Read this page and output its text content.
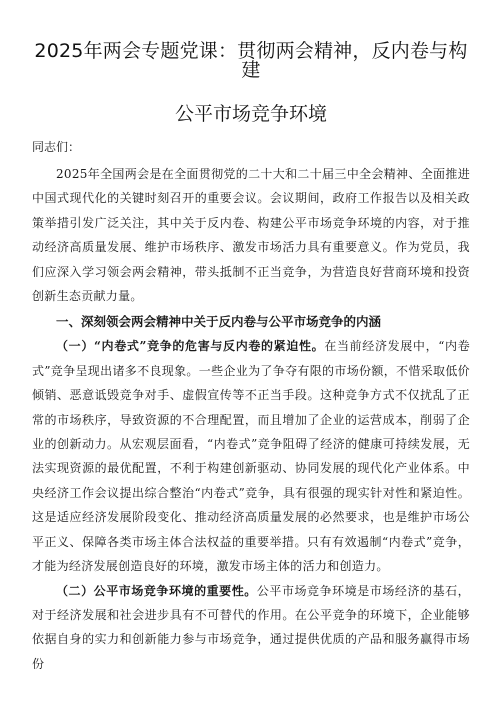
2025年两会专题党课：贯彻两会精神，反内卷与构建
公平市场竞争环境
同志们：

2025年全国两会是在全面贯彻党的二十大和二十届三中全会精神、全面推进中国式现代化的关键时刻召开的重要会议。会议期间，政府工作报告以及相关政策举措引发广泛关注，其中关于反内卷、构建公平市场竞争环境的内容，对于推动经济高质量发展、维护市场秩序、激发市场活力具有重要意义。作为党员，我们应深入学习领会两会精神，带头抵制不正当竞争，为营造良好营商环境和投资创新生态贡献力量。

一、深刻领会两会精神中关于反内卷与公平市场竞争的内涵

（一）“内卷式”竞争的危害与反内卷的紧迫性。在当前经济发展中，“内卷式”竞争呈现出诸多不良现象。一些企业为了争夺有限的市场份额，不惜采取低价倾销、恶意诋毁竞争对手、虚假宣传等不正当手段。这种竞争方式不仅扰乱了正常的市场秩序，导致资源的不合理配置，而且增加了企业的运营成本，削弱了企业的创新动力。从宏观层面看，“内卷式”竞争阻碍了经济的健康可持续发展，无法实现资源的最优配置，不利于构建创新驱动、协同发展的现代化产业体系。中央经济工作会议提出综合整治“内卷式”竞争，具有很强的现实针对性和紧迫性。这是适应经济发展阶段变化、推动经济高质量发展的必然要求，也是维护市场公平正义、保障各类市场主体合法权益的重要举措。只有有效遏制“内卷式”竞争，才能为经济发展创造良好的环境，激发市场主体的活力和创造力。

（二）公平市场竞争环境的重要性。公平市场竞争环境是市场经济的基石，对于经济发展和社会进步具有不可替代的作用。在公平竞争的环境下，企业能够依据自身的实力和创新能力参与市场竞争，通过提供优质的产品和服务赢得市场份
